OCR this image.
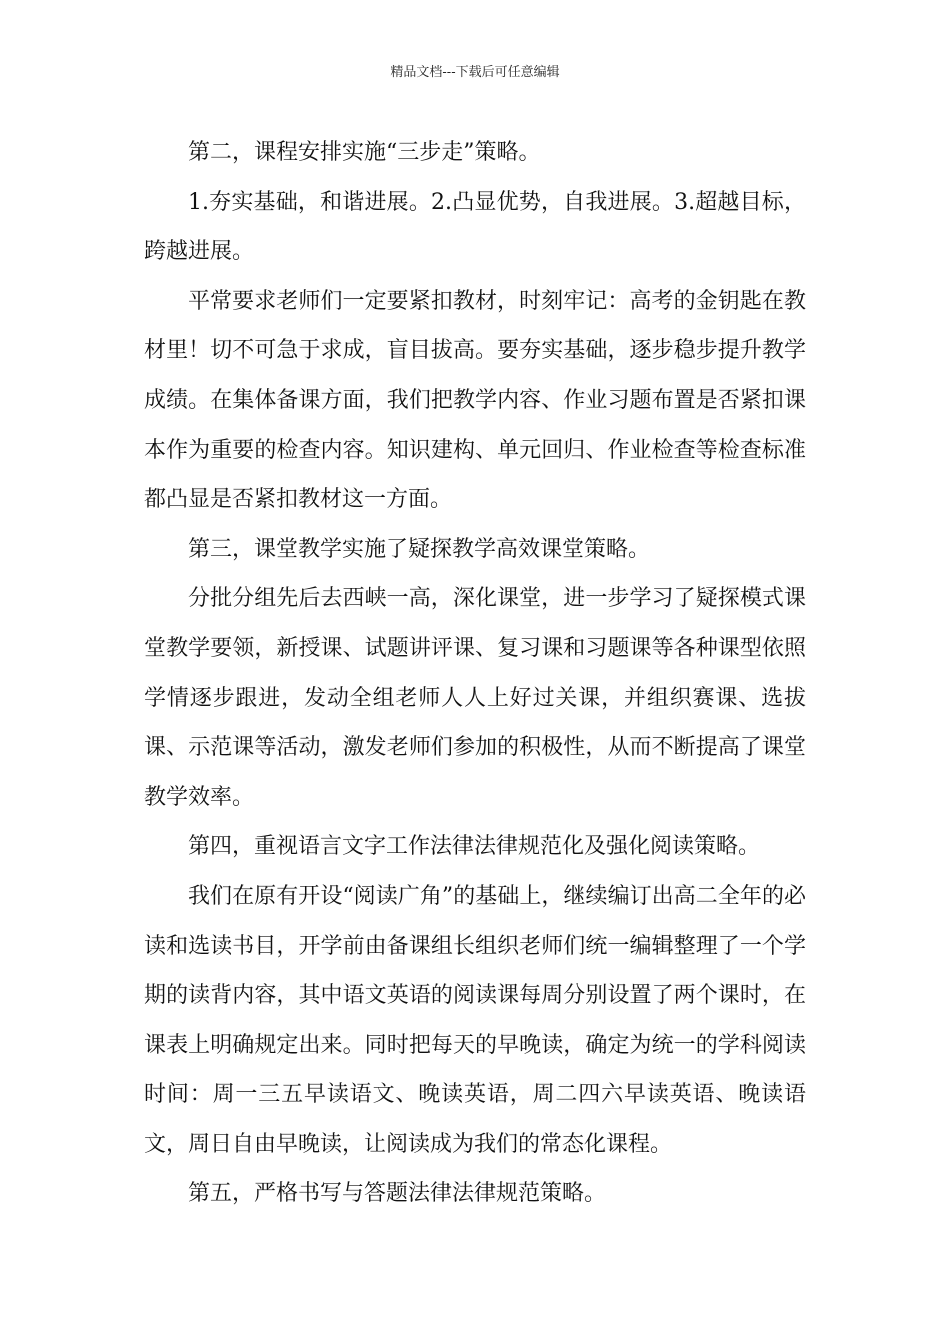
精品文档---下载后可任意编辑

第二，课程安排实施“三步走”策略。

1.夯实基础，和谐进展。2.凸显优势，自我进展。3.超越目标，跨越进展。

平常要求老师们一定要紧扣教材，时刻牢记：高考的金钥匙在教材里！切不可急于求成，盲目拔高。要夯实基础，逐步稳步提升教学成绩。在集体备课方面，我们把教学内容、作业习题布置是否紧扣课本作为重要的检查内容。知识建构、单元回归、作业检查等检查标准都凸显是否紧扣教材这一方面。

第三，课堂教学实施了疑探教学高效课堂策略。

分批分组先后去西峡一高，深化课堂，进一步学习了疑探模式课堂教学要领，新授课、试题讲评课、复习课和习题课等各种课型依照学情逐步跟进，发动全组老师人人上好过关课，并组织赛课、选拔课、示范课等活动，激发老师们参加的积极性，从而不断提高了课堂教学效率。

第四，重视语言文字工作法律法律规范化及强化阅读策略。

我们在原有开设“阅读广角”的基础上，继续编订出高二全年的必读和选读书目，开学前由备课组长组织老师们统一编辑整理了一个学期的读背内容，其中语文英语的阅读课每周分别设置了两个课时，在课表上明确规定出来。同时把每天的早晚读，确定为统一的学科阅读时间：周一三五早读语文、晚读英语，周二四六早读英语、晚读语文，周日自由早晚读，让阅读成为我们的常态化课程。

第五，严格书写与答题法律法律规范策略。
